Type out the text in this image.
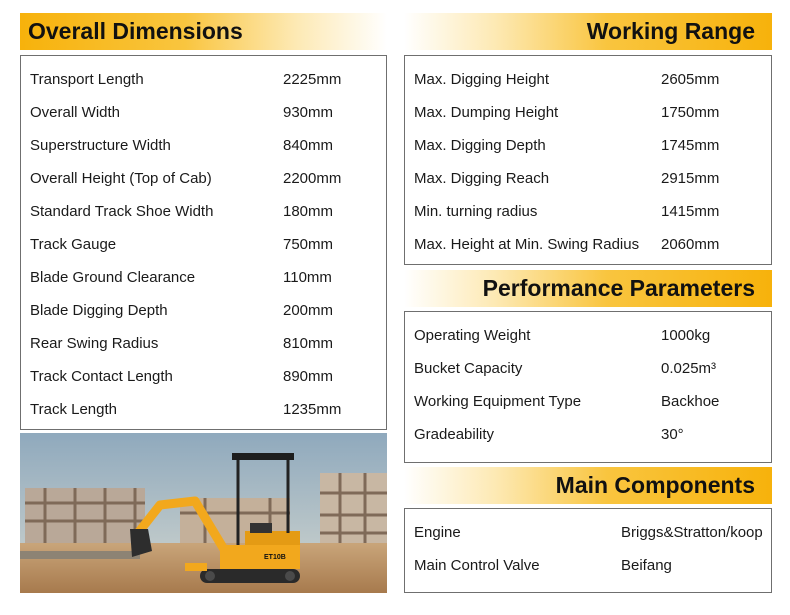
Overall Dimensions
Transport Length	2225mm
Overall Width	930mm
Superstructure Width	840mm
Overall Height (Top of Cab)	2200mm
Standard Track Shoe Width	180mm
Track Gauge	750mm
Blade Ground Clearance	110mm
Blade Digging Depth	200mm
Rear Swing Radius	810mm
Track Contact Length	890mm
Track Length	1235mm
ET10B
Working Range
Max. Digging Height	2605mm
Max. Dumping Height	1750mm
Max. Digging Depth	1745mm
Max. Digging Reach	2915mm
Min. turning radius	1415mm
Max. Height at Min. Swing Radius 2060mm
Performance Parameters
Operating Weight	1000kg
Bucket Capacity	0.025m³
Working Equipment Type	Backhoe
Gradeability	30°
Main Components
Engine	Briggs&Stratton/koop
Main Control Valve	Beifang
